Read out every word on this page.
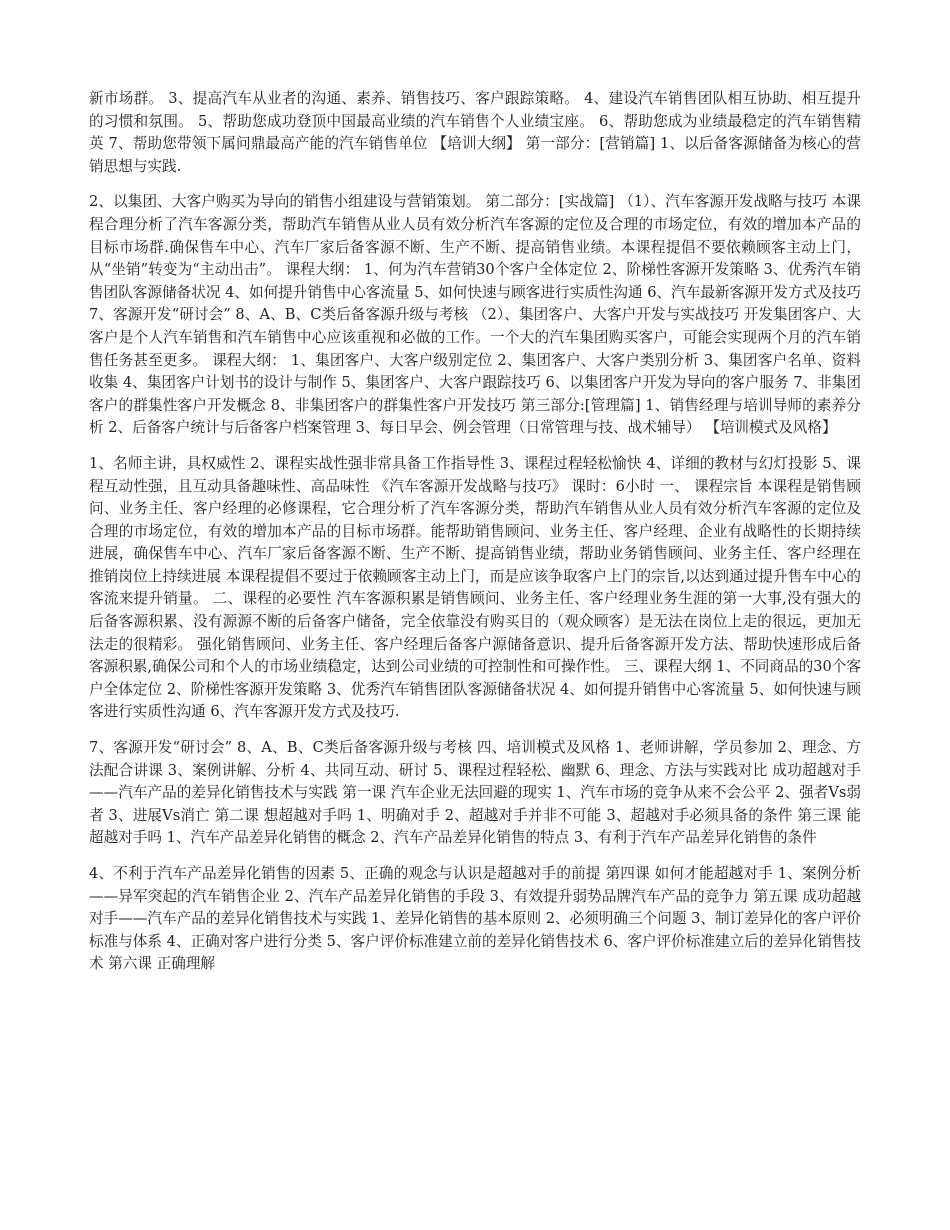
新市场群。 3、提高汽车从业者的沟通、素养、销售技巧、客户跟踪策略。 4、建设汽车销售团队相互协助、相互提升的习惯和氛围。 5、帮助您成功登顶中国最高业绩的汽车销售个人业绩宝座。 6、帮助您成为业绩最稳定的汽车销售精英 7、帮助您带领下属问鼎最高产能的汽车销售单位 【培训大纲】 第一部分：[营销篇] 1、以后备客源储备为核心的营销思想与实践.

2、以集团、大客户购买为导向的销售小组建设与营销策划。 第二部分：[实战篇] （1）、汽车客源开发战略与技巧 本课程合理分析了汽车客源分类，帮助汽车销售从业人员有效分析汽车客源的定位及合理的市场定位，有效的增加本产品的目标市场群.确保售车中心、汽车厂家后备客源不断、生产不断、提高销售业绩。本课程提倡不要依赖顾客主动上门，从“坐销”转变为“主动出击”。 课程大纲： 1、何为汽车营销30个客户全体定位 2、阶梯性客源开发策略 3、优秀汽车销售团队客源储备状况 4、如何提升销售中心客流量 5、如何快速与顾客进行实质性沟通 6、汽车最新客源开发方式及技巧 7、客源开发“研讨会” 8、A、B、C类后备客源升级与考核 （2）、集团客户、大客户开发与实战技巧 开发集团客户、大客户是个人汽车销售和汽车销售中心应该重视和必做的工作。一个大的汽车集团购买客户，可能会实现两个月的汽车销售任务甚至更多。 课程大纲： 1、集团客户、大客户级别定位 2、集团客户、大客户类别分析 3、集团客户名单、资料收集 4、集团客户计划书的设计与制作 5、集团客户、大客户跟踪技巧 6、以集团客户开发为导向的客户服务 7、非集团客户的群集性客户开发概念 8、非集团客户的群集性客户开发技巧 第三部分:[管理篇] 1、销售经理与培训导师的素养分析 2、后备客户统计与后备客户档案管理 3、每日早会、例会管理（日常管理与技、战术辅导） 【培训模式及风格】

1、名师主讲，具权威性 2、课程实战性强非常具备工作指导性 3、课程过程轻松愉快 4、详细的教材与幻灯投影 5、课程互动性强，且互动具备趣味性、高品味性 《汽车客源开发战略与技巧》 课时：6小时 一、 课程宗旨 本课程是销售顾问、业务主任、客户经理的必修课程，它合理分析了汽车客源分类，帮助汽车销售从业人员有效分析汽车客源的定位及合理的市场定位，有效的增加本产品的目标市场群。能帮助销售顾问、业务主任、客户经理、企业有战略性的长期持续进展，确保售车中心、汽车厂家后备客源不断、生产不断、提高销售业绩，帮助业务销售顾问、业务主任、客户经理在推销岗位上持续进展 本课程提倡不要过于依赖顾客主动上门，而是应该争取客户上门的宗旨,以达到通过提升售车中心的客流来提升销量。 二、课程的必要性 汽车客源积累是销售顾问、业务主任、客户经理业务生涯的第一大事,没有强大的后备客源积累、没有源源不断的后备客户储备，完全依靠没有购买目的（观众顾客）是无法在岗位上走的很远，更加无法走的很精彩。 强化销售顾问、业务主任、客户经理后备客户源储备意识、提升后备客源开发方法、帮助快速形成后备客源积累,确保公司和个人的市场业绩稳定，达到公司业绩的可控制性和可操作性。 三、课程大纲 1、不同商品的30个客户全体定位 2、阶梯性客源开发策略 3、优秀汽车销售团队客源储备状况 4、如何提升销售中心客流量 5、如何快速与顾客进行实质性沟通 6、汽车客源开发方式及技巧.

7、客源开发“研讨会” 8、A、B、C类后备客源升级与考核 四、培训模式及风格 1、老师讲解，学员参加 2、理念、方法配合讲课 3、案例讲解、分析 4、共同互动、研讨 5、课程过程轻松、幽默 6、理念、方法与实践对比 成功超越对手 ——汽车产品的差异化销售技术与实践 第一课 汽车企业无法回避的现实 1、汽车市场的竞争从来不会公平 2、强者Vs弱者 3、进展Vs消亡 第二课 想超越对手吗 1、明确对手 2、超越对手并非不可能 3、超越对手必须具备的条件 第三课 能超越对手吗 1、汽车产品差异化销售的概念 2、汽车产品差异化销售的特点 3、有利于汽车产品差异化销售的条件

4、不利于汽车产品差异化销售的因素 5、正确的观念与认识是超越对手的前提 第四课 如何才能超越对手 1、案例分析——异军突起的汽车销售企业 2、汽车产品差异化销售的手段 3、有效提升弱势品牌汽车产品的竞争力 第五课 成功超越对手——汽车产品的差异化销售技术与实践 1、差异化销售的基本原则 2、必须明确三个问题 3、制订差异化的客户评价标准与体系 4、正确对客户进行分类 5、客户评价标准建立前的差异化销售技术 6、客户评价标准建立后的差异化销售技术 第六课 正确理解
